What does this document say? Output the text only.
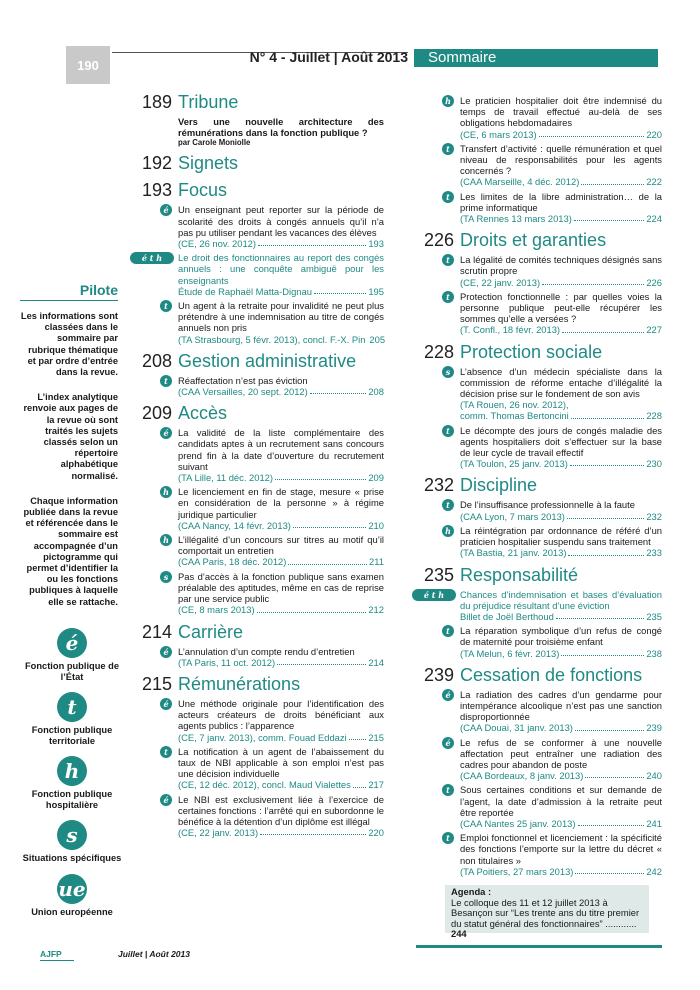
190	N° 4 - Juillet | Août 2013	Sommaire
Pilote
Les informations sont classées dans le sommaire par rubrique thématique et par ordre d’entrée dans la revue.
L’index analytique renvoie aux pages de la revue où sont traités les sujets classés selon un répertoire alphabétique normalisé.
Chaque information publiée dans la revue et référencée dans le sommaire est accompagnée d’un pictogramme qui permet d’identifier la ou les fonctions publiques à laquelle elle se rattache.
é
Fonction publique de l’État
t
Fonction publique territoriale
h
Fonction publique hospitalière
s
Situations spécifiques
ue
Union européenne
189 Tribune
Vers une nouvelle architecture des rémunérations dans la fonction publique ?
par Carole Moniolle
192 Signets
193 Focus
é	Un enseignant peut reporter sur la période de scolarité des droits à congés annuels qu’il n’a pas pu utiliser pendant les vacances des élèves
(CE, 26 nov. 2012)	193
é t h	Le droit des fonctionnaires au report des congés annuels : une conquête ambiguë pour les enseignants
Étude de Raphaël Matta-Dignau	195
t	Un agent à la retraite pour invalidité ne peut plus prétendre à une indemnisation au titre de congés annuels non pris
(TA Strasbourg, 5 févr. 2013), concl. F.-X. Pin 205
208 Gestion administrative
t	Réaffectation n’est pas éviction
(CAA Versailles, 20 sept. 2012)	208
209 Accès
é	La validité de la liste complémentaire des candidats aptes à un recrutement sans concours prend fin à la date d’ouverture du recrutement suivant
(TA Lille, 11 déc. 2012)	209
h Le licenciement en fin de stage, mesure « prise en considération de la personne » à régime juridique particulier
(CAA Nancy, 14 févr. 2013)	210
h L’illégalité d’un concours sur titres au motif qu’il comportait un entretien
(CAA Paris, 18 déc. 2012)	211
s	Pas d’accès à la fonction publique sans examen préalable des aptitudes, même en cas de reprise par une service public
(CE, 8 mars 2013)	212
214 Carrière
é	L’annulation d’un compte rendu d’entretien
(TA Paris, 11 oct. 2012)	214
215 Rémunérations
é	Une méthode originale pour l’identification des acteurs créateurs de droits bénéficiant aux agents publics : l’apparence
(CE, 7 janv. 2013), comm. Fouad Eddazi 215
t	La notification à un agent de l’abaissement du taux de NBI applicable à son emploi n’est pas une décision individuelle
(CE, 12 déc. 2012), concl. Maud Vialettes 217
é	Le NBI est exclusivement liée à l’exercice de certaines fonctions : l’arrêté qui en subordonne le bénéfice à la détention d’un diplôme est illégal
(CE, 22 janv. 2013)	220
h Le praticien hospitalier doit être indemnisé du temps de travail effectué au-delà de ses obligations hebdomadaires
(CE, 6 mars 2013)	220
t	Transfert d’activité : quelle rémunération et quel niveau de responsabilités pour les agents concernés ?
(CAA Marseille, 4 déc. 2012)	222
t	Les limites de la libre administration… de la prime informatique
(TA Rennes 13 mars 2013)	224
226 Droits et garanties
t	La légalité de comités techniques désignés sans scrutin propre
(CE, 22 janv. 2013)	226
t	Protection fonctionnelle : par quelles voies la personne publique peut-elle récupérer les sommes qu’elle a versées ?
(T. Confl., 18 févr. 2013)	227
228 Protection sociale
s	L’absence d’un médecin spécialiste dans la commission de réforme entache d’illégalité la décision prise sur le fondement de son avis
(TA Rouen, 26 nov. 2012),
comm. Thomas Bertoncini	228
t	Le décompte des jours de congés maladie des agents hospitaliers doit s’effectuer sur la base de leur cycle de travail effectif
(TA Toulon, 25 janv. 2013)	230
232 Discipline
t	De l’insuffisance professionnelle à la faute
(CAA Lyon, 7 mars 2013)	232
h La réintégration par ordonnance de référé d’un praticien hospitalier suspendu sans traitement
(TA Bastia, 21 janv. 2013)	233
235 Responsabilité
é t h	Chances d’indemnisation et bases d’évaluation du préjudice résultant d’une éviction
Billet de Joël Berthoud	235
t	La réparation symbolique d’un refus de congé de maternité pour troisième enfant
(TA Melun, 6 févr. 2013)	238
239 Cessation de fonctions
é	La radiation des cadres d’un gendarme pour intempérance alcoolique n’est pas une sanction disproportionnée
(CAA Douai, 31 janv. 2013)	239
é	Le refus de se conformer à une nouvelle affectation peut entraîner une radiation des cadres pour abandon de poste
(CAA Bordeaux, 8 janv. 2013)	240
t	Sous certaines conditions et sur demande de l’agent, la date d’admission à la retraite peut être reportée
(CAA Nantes 25 janv. 2013)	241
t	Emploi fonctionnel et licenciement : la spécificité des fonctions l’emporte sur la lettre du décret « non titulaires »
(TA Poitiers, 27 mars 2013)	242
Agenda :
Le colloque des 11 et 12 juillet 2013 à Besançon sur “Les trente ans du titre premier du statut général des fonctionnaires” ............ 244
AJFP	Juillet | Août 2013
